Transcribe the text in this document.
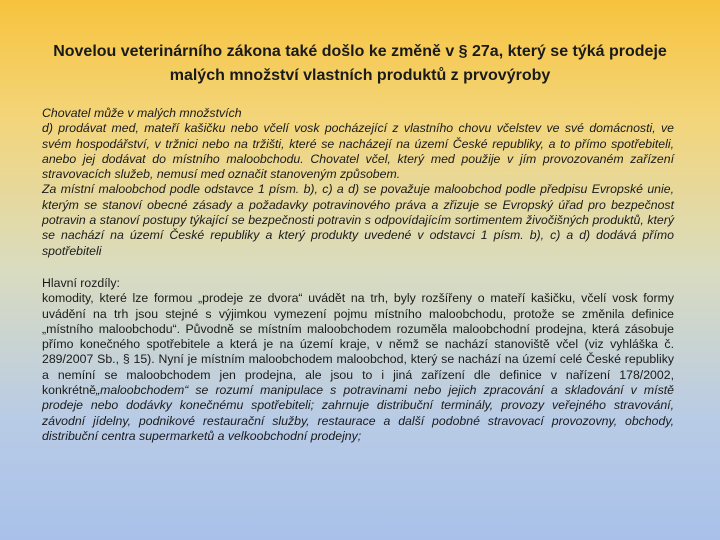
Novelou veterinárního zákona také došlo ke změně v § 27a, který se týká prodeje malých množství vlastních produktů z prvovýroby

Chovatel může v malých množstvích

d) prodávat med, mateří kašičku nebo včelí vosk pocházející z vlastního chovu včelstev ve své domácnosti, ve svém hospodářství, v tržnici nebo na tržišti, které se nacházejí na území České republiky, a to přímo spotřebiteli, anebo jej dodávat do místního maloobchodu. Chovatel včel, který med použije v jím provozovaném zařízení stravovacích služeb, nemusí med označit stanoveným způsobem.

Za místní maloobchod podle odstavce 1 písm. b), c) a d) se považuje maloobchod podle předpisu Evropské unie, kterým se stanoví obecné zásady a požadavky potravinového práva a zřizuje se Evropský úřad pro bezpečnost potravin a stanoví postupy týkající se bezpečnosti potravin s odpovídajícím sortimentem živočišných produktů, který se nachází na území České republiky a který produkty uvedené v odstavci 1 písm. b), c) a d) dodává přímo spotřebiteli

Hlavní rozdíly:

komodity, které lze formou „prodeje ze dvora“ uvádět na trh, byly rozšířeny o mateří kašičku, včelí vosk formy uvádění na trh jsou stejné s výjimkou vymezení pojmu místního maloobchodu, protože se změnila definice „místního maloobchodu“. Původně se místním maloobchodem rozuměla maloobchodní prodejna, která zásobuje přímo konečného spotřebitele a která je na území kraje, v němž se nachází stanoviště včel (viz vyhláška č. 289/2007 Sb., § 15). Nyní je místním maloobchodem maloobchod, který se nachází na území celé České republiky a nemíní se maloobchodem jen prodejna, ale jsou to i jiná zařízení dle definice v nařízení 178/2002, konkrétně„maloobchodem“ se rozumí manipulace s potravinami nebo jejich zpracování a skladování v místě prodeje nebo dodávky konečnému spotřebiteli; zahrnuje distribuční terminály, provozy veřejného stravování, závodní jídelny, podnikové restaurační služby, restaurace a další podobné stravovací provozovny, obchody, distribuční centra supermarketů a velkoobchodní prodejny;
